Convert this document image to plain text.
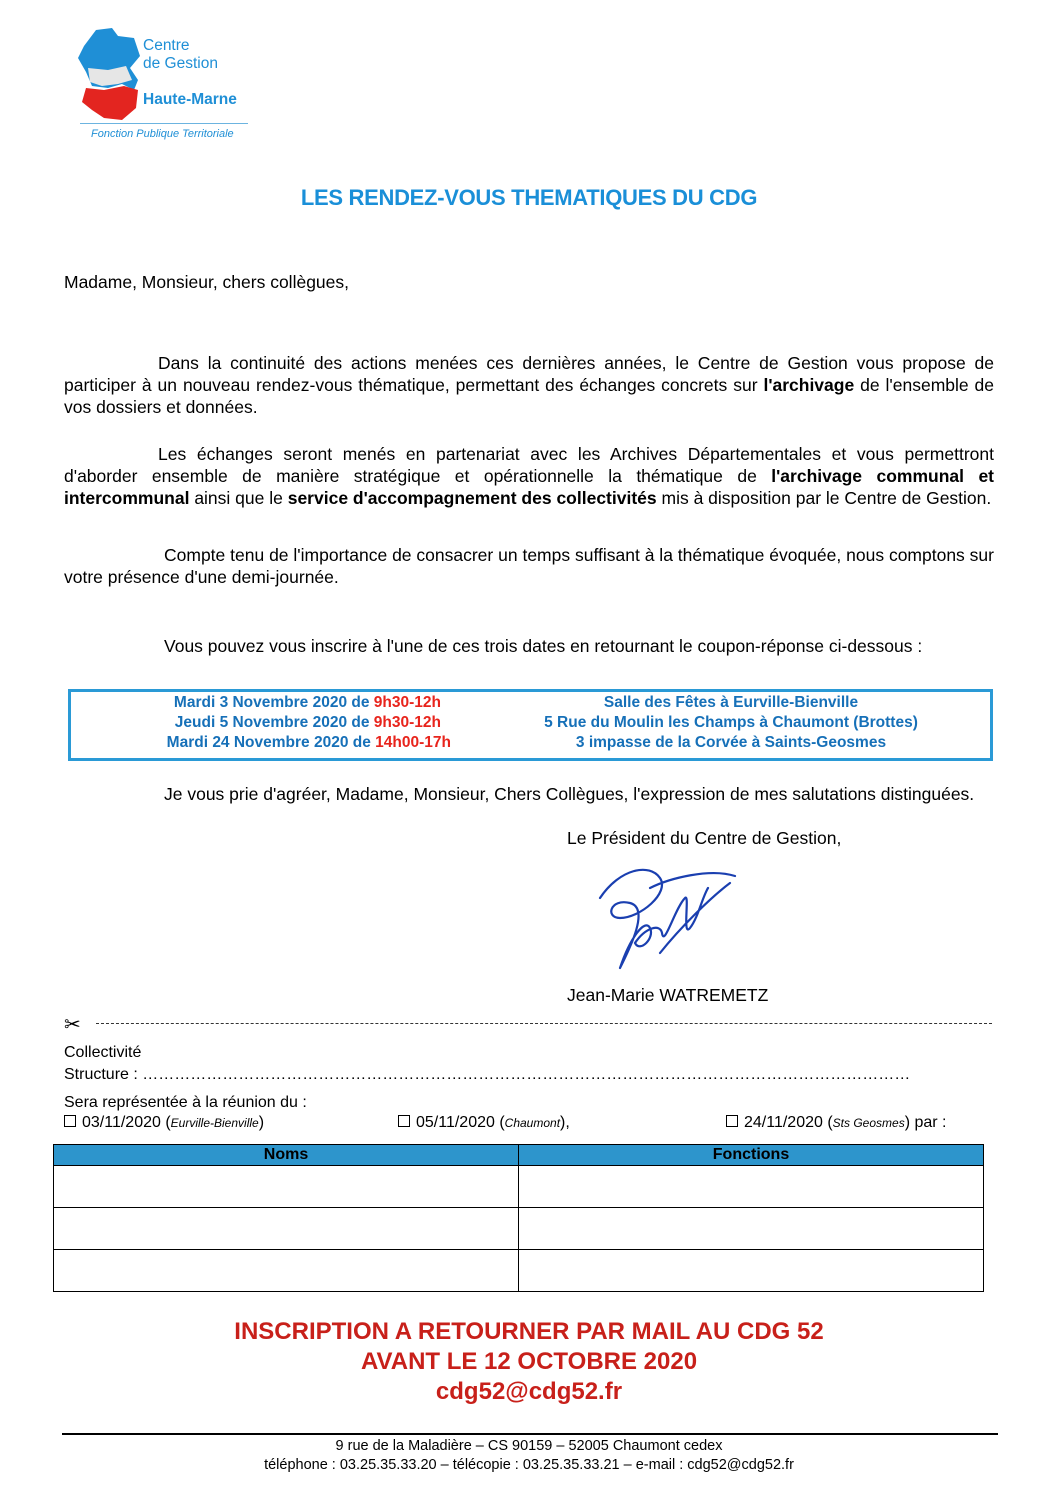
Centre
de Gestion
Haute-Marne
Fonction Publique Territoriale
LES RENDEZ-VOUS THEMATIQUES DU CDG
Madame, Monsieur, chers collègues,
Dans la continuité des actions menées ces dernières années, le Centre de Gestion vous propose de participer à un nouveau rendez-vous thématique, permettant des échanges concrets sur l'archivage de l'ensemble de vos dossiers et données.
Les échanges seront menés en partenariat avec les Archives Départementales et vous permettront d'aborder ensemble de manière stratégique et opérationnelle la thématique de l'archivage communal et intercommunal ainsi que le service d'accompagnement des collectivités mis à disposition par le Centre de Gestion.
Compte tenu de l'importance de consacrer un temps suffisant à la thématique évoquée, nous comptons sur votre présence d'une demi-journée.
Vous pouvez vous inscrire à l'une de ces trois dates en retournant le coupon-réponse ci-dessous :
Mardi 3 Novembre 2020 de 9h30-12h	Salle des Fêtes à Eurville-Bienville
Jeudi 5 Novembre 2020 de 9h30-12h	5 Rue du Moulin les Champs à Chaumont (Brottes)
Mardi 24 Novembre 2020 de 14h00-17h	3 impasse de la Corvée à Saints-Geosmes
Je vous prie d'agréer, Madame, Monsieur, Chers Collègues, l'expression de mes salutations distinguées.
Le Président du Centre de Gestion,
Jean-Marie WATREMETZ
✂
Collectivité
Structure : ………………………………………………………………………………………………………………………………
Sera représentée à la réunion du :
03/11/2020 (Eurville-Bienville)	05/11/2020 (Chaumont),	24/11/2020 (Sts Geosmes) par :
Noms	Fonctions

INSCRIPTION A RETOURNER PAR MAIL AU CDG 52
AVANT LE 12 OCTOBRE 2020
cdg52@cdg52.fr
9 rue de la Maladière – CS 90159 – 52005 Chaumont cedex
téléphone : 03.25.35.33.20 – télécopie : 03.25.35.33.21 – e-mail : cdg52@cdg52.fr
